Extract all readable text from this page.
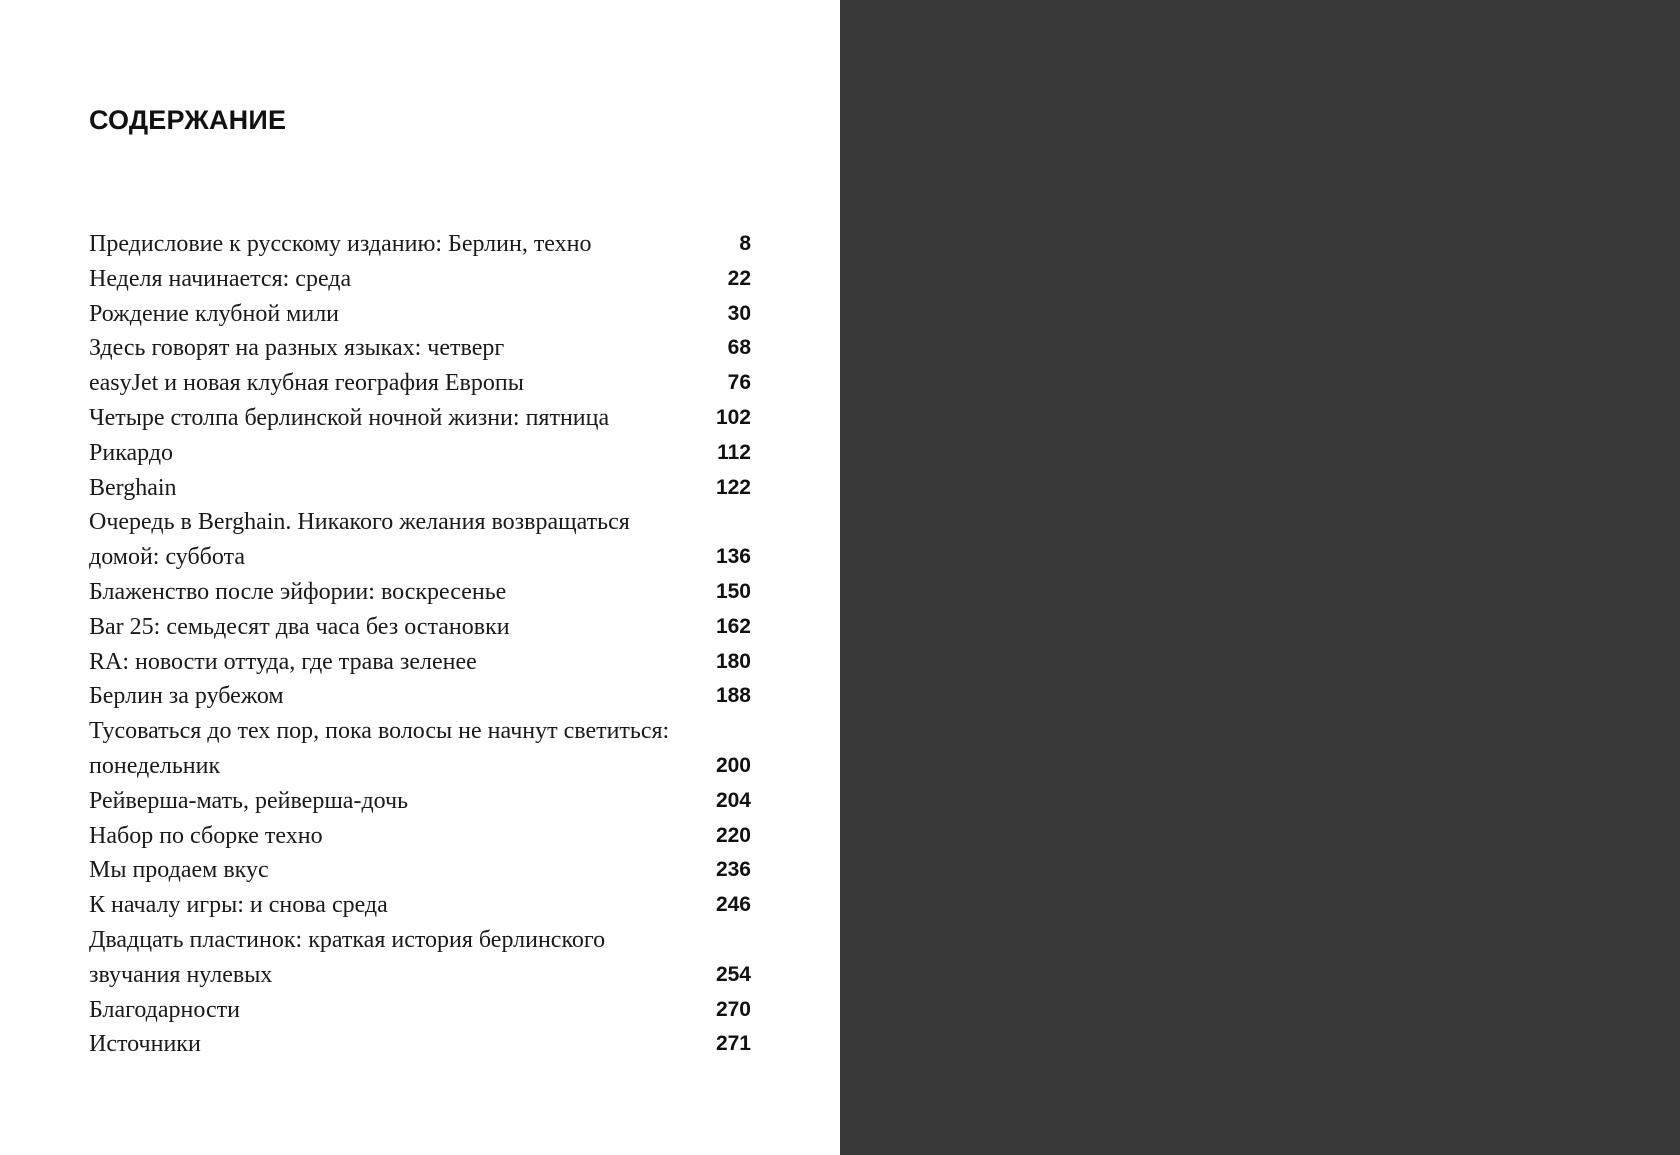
СОДЕРЖАНИЕ
Предисловие к русскому изданию: Берлин, техно	8
Неделя начинается: среда	22
Рождение клубной мили	30
Здесь говорят на разных языках: четверг	68
easyJet и новая клубная география Европы	76
Четыре столпа берлинской ночной жизни: пятница	102
Рикардо	112
Berghain	122
Очередь в Berghain. Никакого желания возвращаться домой: суббота	136
Блаженство после эйфории: воскресенье	150
Bar 25: семьдесят два часа без остановки	162
RA: новости оттуда, где трава зеленее	180
Берлин за рубежом	188
Тусоваться до тех пор, пока волосы не начнут светиться: понедельник	200
Рейверша-мать, рейверша-дочь	204
Набор по сборке техно	220
Мы продаем вкус	236
К началу игры: и снова среда	246
Двадцать пластинок: краткая история берлинского звучания нулевых	254
Благодарности	270
Источники	271
